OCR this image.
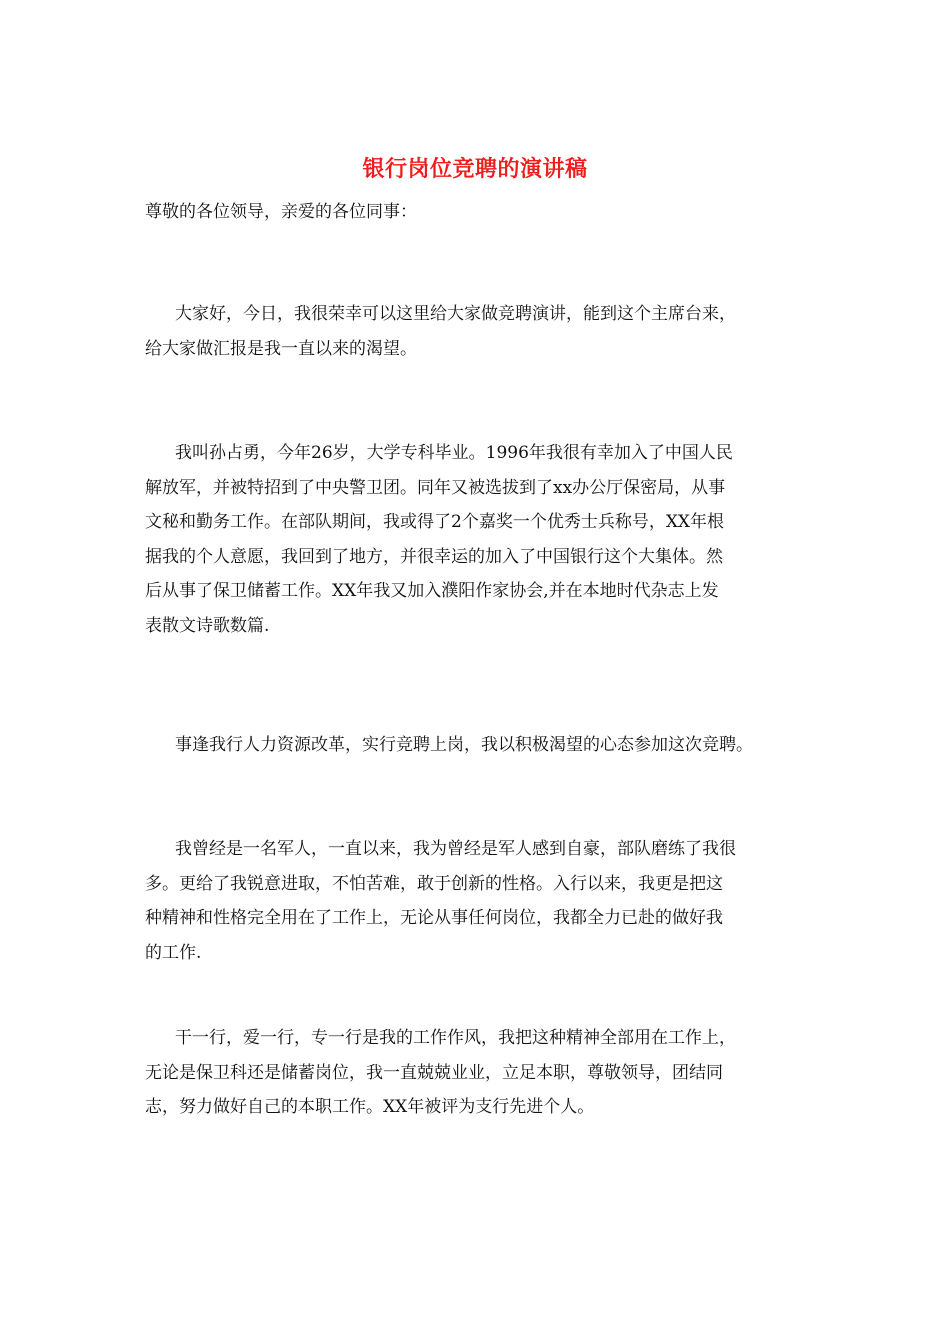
银行岗位竞聘的演讲稿
尊敬的各位领导，亲爱的各位同事：
大家好，今日，我很荣幸可以这里给大家做竞聘演讲，能到这个主席台来，
给大家做汇报是我一直以来的渴望。
我叫孙占勇，今年26岁，大学专科毕业。1996年我很有幸加入了中国人民
解放军，并被特招到了中央警卫团。同年又被选拔到了xx办公厅保密局，从事
文秘和勤务工作。在部队期间，我或得了2个嘉奖一个优秀士兵称号，XX年根
据我的个人意愿，我回到了地方，并很幸运的加入了中国银行这个大集体。然
后从事了保卫储蓄工作。XX年我又加入濮阳作家协会,并在本地时代杂志上发
表散文诗歌数篇.
事逢我行人力资源改革，实行竞聘上岗，我以积极渴望的心态参加这次竞聘。
我曾经是一名军人，一直以来，我为曾经是军人感到自豪，部队磨练了我很
多。更给了我锐意进取，不怕苦难，敢于创新的性格。入行以来，我更是把这
种精神和性格完全用在了工作上，无论从事任何岗位，我都全力已赴的做好我
的工作.
干一行，爱一行，专一行是我的工作作风，我把这种精神全部用在工作上，
无论是保卫科还是储蓄岗位，我一直兢兢业业，立足本职，尊敬领导，团结同
志，努力做好自己的本职工作。XX年被评为支行先进个人。
